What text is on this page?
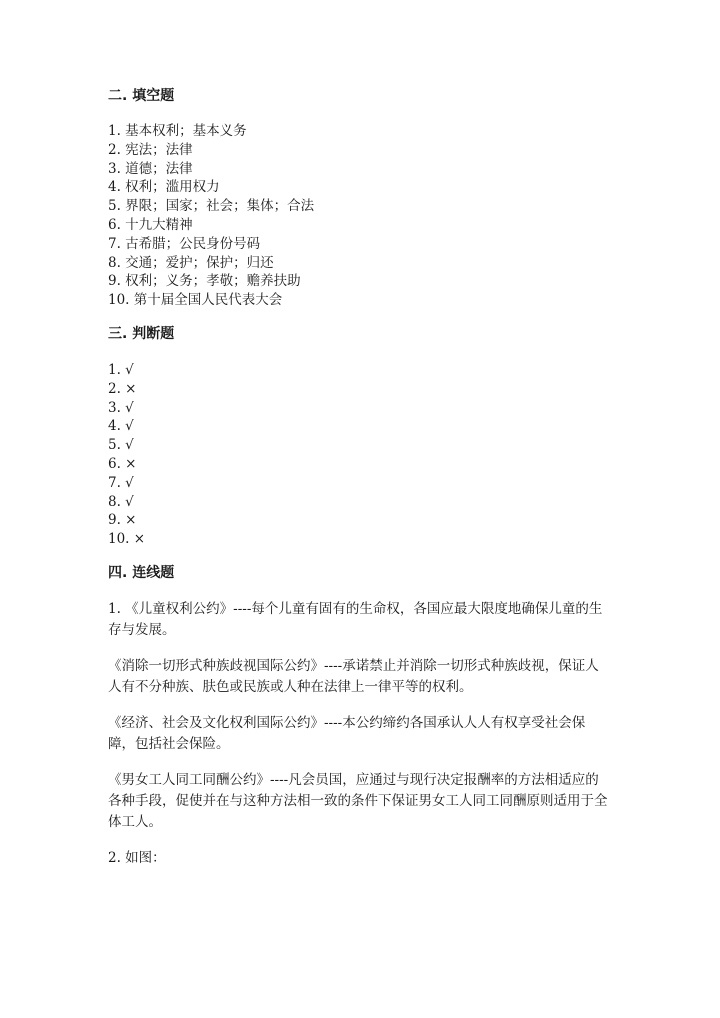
二. 填空题

1. 基本权利；基本义务
2. 宪法；法律
3. 道德；法律
4. 权利；滥用权力
5. 界限；国家；社会；集体；合法
6. 十九大精神
7. 古希腊；公民身份号码
8. 交通；爱护；保护；归还
9. 权利；义务；孝敬；赡养扶助
10. 第十届全国人民代表大会

三. 判断题

1. √
2. ×
3. √
4. √
5. √
6. ×
7. √
8. √
9. ×
10. ×

四. 连线题

1. 《儿童权利公约》----每个儿童有固有的生命权，各国应最大限度地确保儿童的生存与发展。

《消除一切形式种族歧视国际公约》----承诺禁止并消除一切形式种族歧视，保证人人有不分种族、肤色或民族或人种在法律上一律平等的权利。

《经济、社会及文化权利国际公约》----本公约缔约各国承认人人有权享受社会保障，包括社会保险。

《男女工人同工同酬公约》----凡会员国，应通过与现行决定报酬率的方法相适应的各种手段，促使并在与这种方法相一致的条件下保证男女工人同工同酬原则适用于全体工人。

2. 如图：
